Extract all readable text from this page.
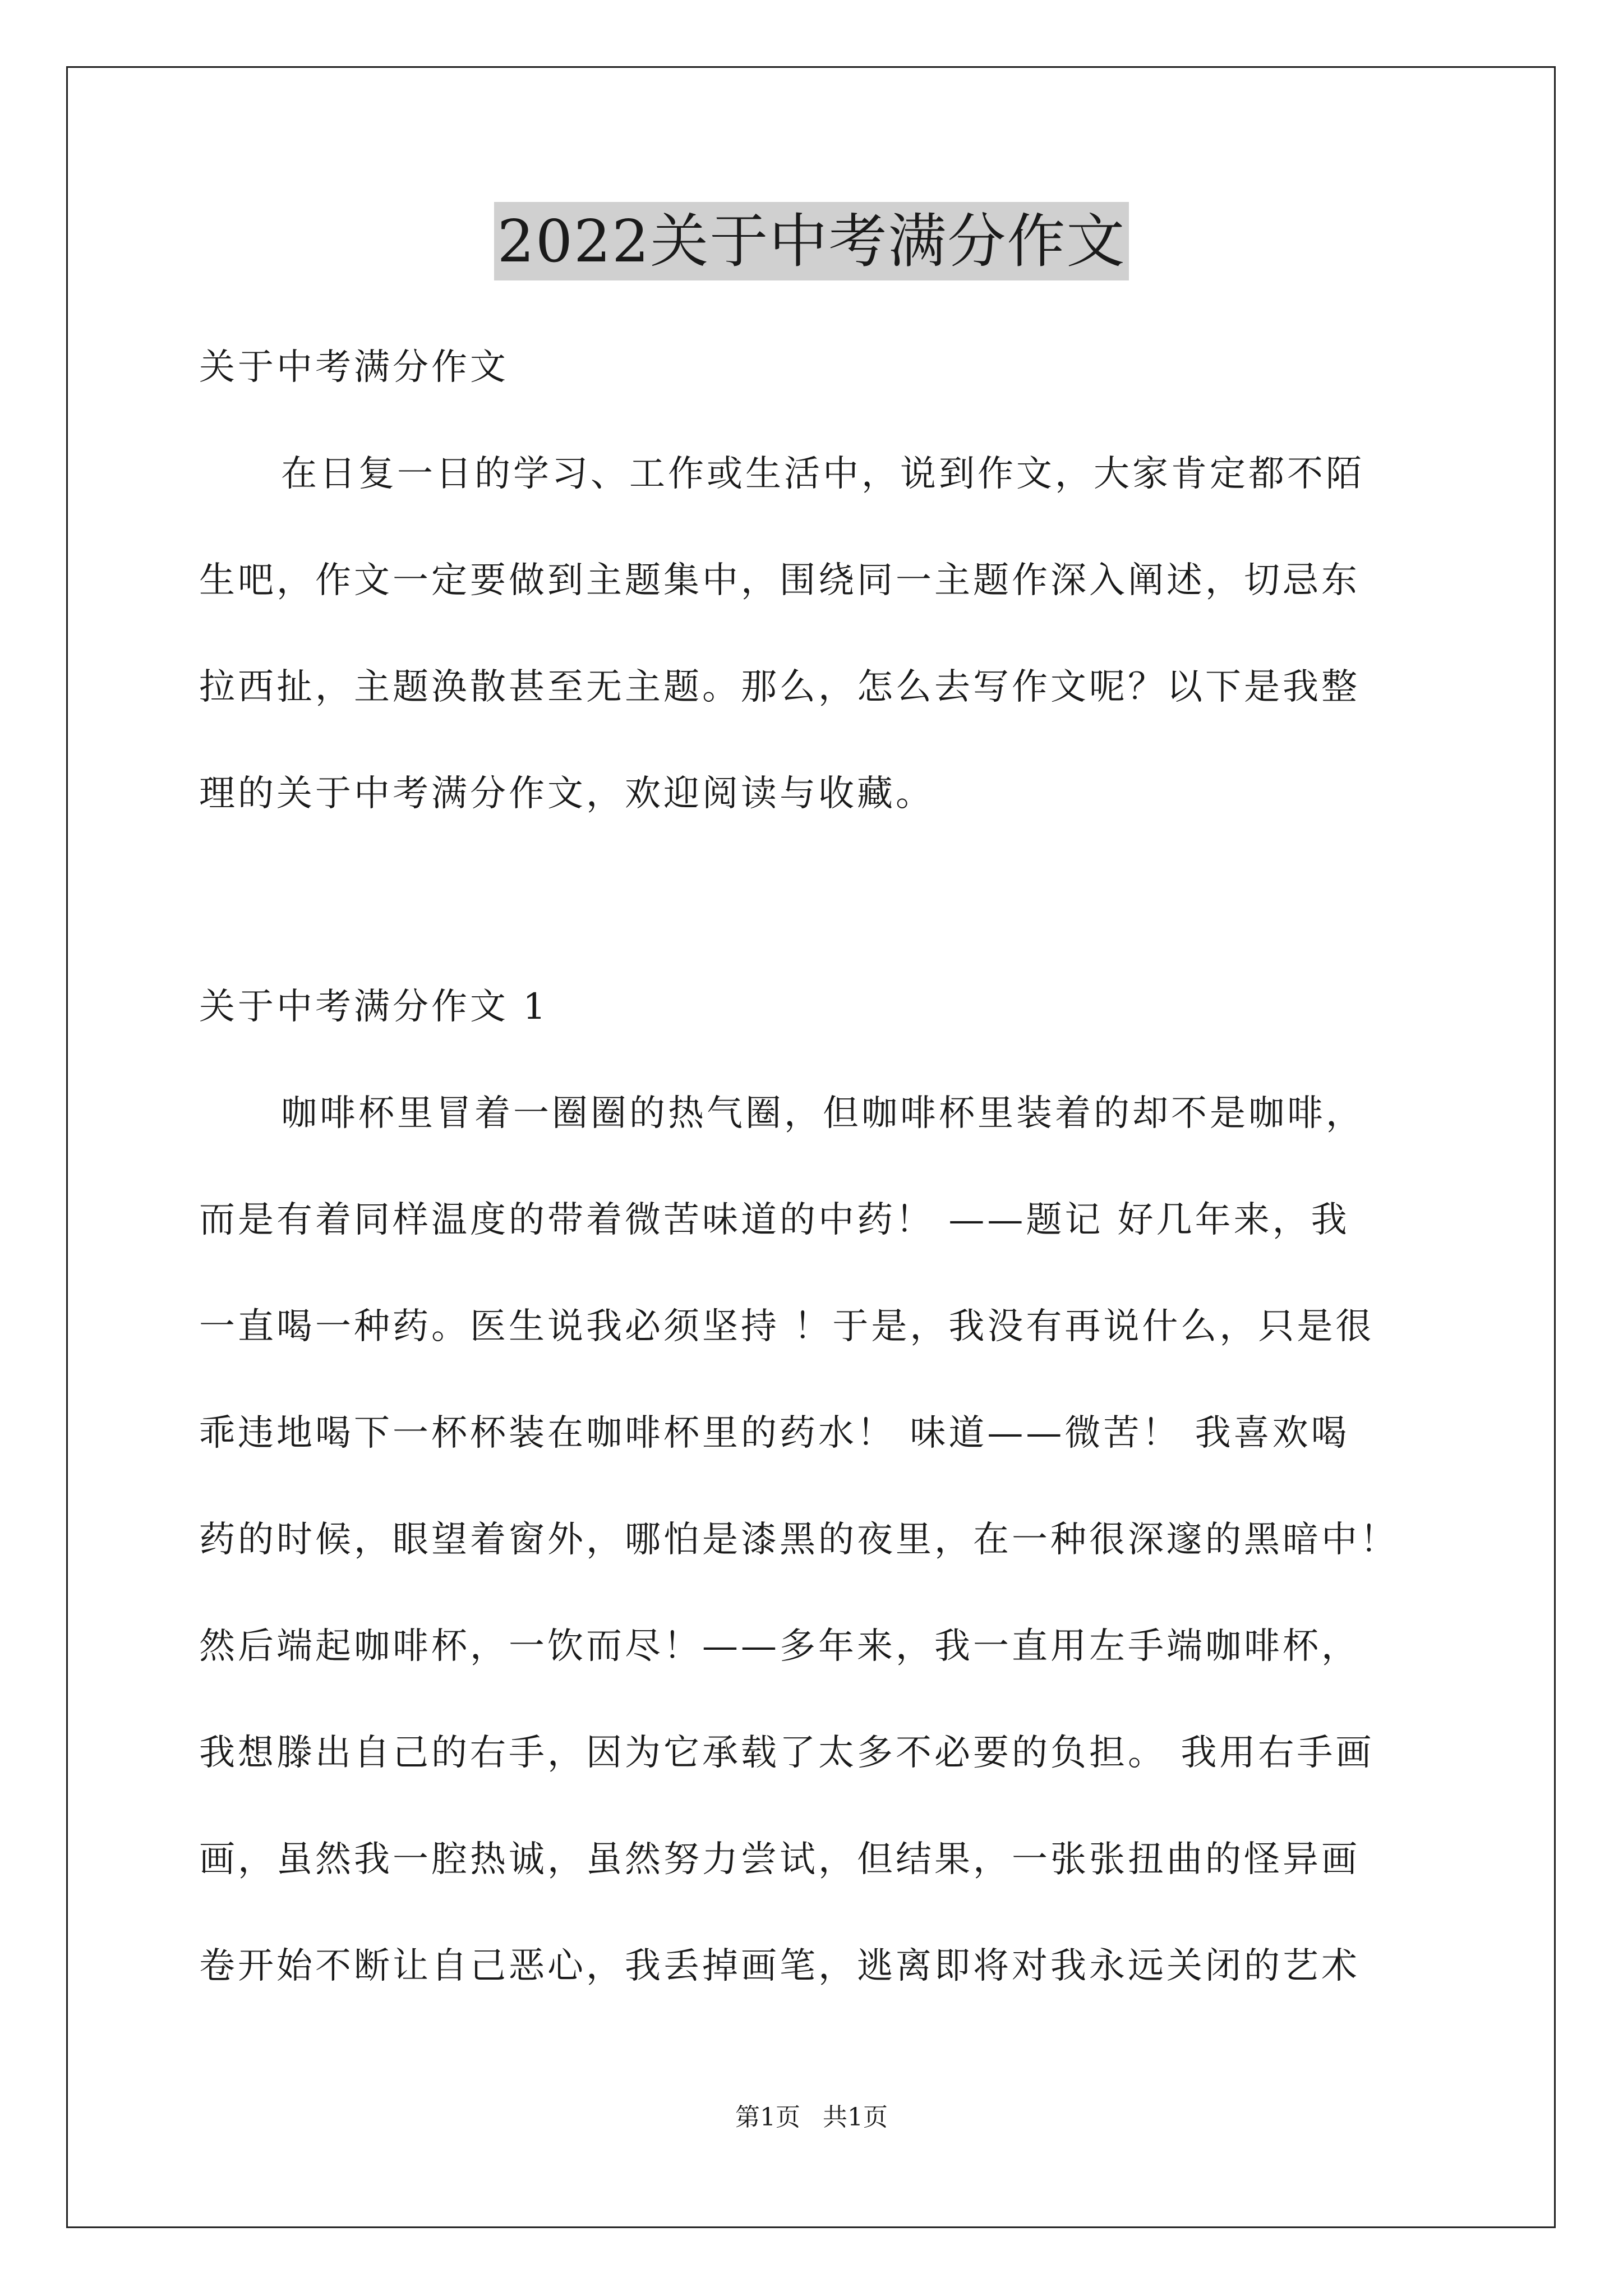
2022关于中考满分作文
关于中考满分作文
在日复一日的学习、工作或生活中，说到作文，大家肯定都不陌
生吧，作文一定要做到主题集中，围绕同一主题作深入阐述，切忌东
拉西扯，主题涣散甚至无主题。那么，怎么去写作文呢？以下是我整
理的关于中考满分作文，欢迎阅读与收藏。
关于中考满分作文 1
咖啡杯里冒着一圈圈的热气圈，但咖啡杯里装着的却不是咖啡，
而是有着同样温度的带着微苦味道的中药！ ——题记 好几年来，我
一直喝一种药。医生说我必须坚持 ！于是，我没有再说什么，只是很
乖违地喝下一杯杯装在咖啡杯里的药水！ 味道——微苦！ 我喜欢喝
药的时候，眼望着窗外，哪怕是漆黑的夜里，在一种很深邃的黑暗中！
然后端起咖啡杯，一饮而尽！——多年来，我一直用左手端咖啡杯，
我想滕出自己的右手，因为它承载了太多不必要的负担。 我用右手画
画，虽然我一腔热诚，虽然努力尝试，但结果，一张张扭曲的怪异画
卷开始不断让自己恶心，我丢掉画笔，逃离即将对我永远关闭的艺术
第1页 共1页
